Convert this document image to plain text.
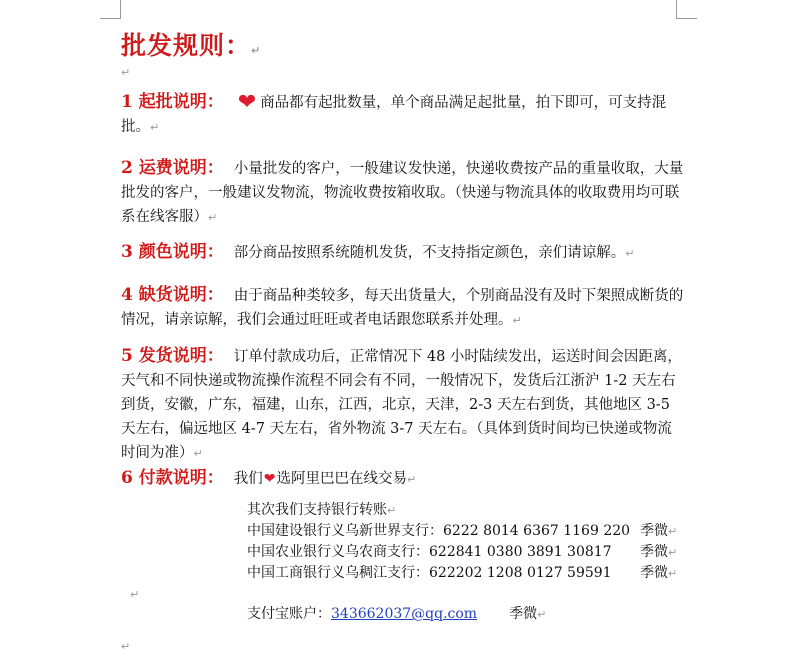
批发规则：↵
↵
1 起批说明： ❤ 商品都有起批数量，单个商品满足起批量，拍下即可，可支持混批。↵
2 运费说明： 小量批发的客户，一般建议发快递，快递收费按产品的重量收取，大量批发的客户，一般建议发物流，物流收费按箱收取。（快递与物流具体的收取费用均可联系在线客服）↵
3 颜色说明： 部分商品按照系统随机发货，不支持指定颜色，亲们请谅解。↵
4 缺货说明： 由于商品种类较多，每天出货量大，个别商品没有及时下架照成断货的情况，请亲谅解，我们会通过旺旺或者电话跟您联系并处理。↵
5 发货说明： 订单付款成功后，正常情况下 48 小时陆续发出，运送时间会因距离，天气和不同快递或物流操作流程不同会有不同，一般情况下，发货后江浙沪 1-2 天左右到货，安徽，广东，福建，山东，江西，北京，天津，2-3 天左右到货，其他地区 3-5 天左右，偏远地区 4-7 天左右，省外物流 3-7 天左右。（具体到货时间均已快递或物流时间为准）↵
6 付款说明： 我们❤选阿里巴巴在线交易↵
其次我们支持银行转账↵
中国建设银行义乌新世界支行：6222 8014 6367 1169 220 季微↵
中国农业银行义乌农商支行：622841 0380 3891 30817 季微↵
中国工商银行义乌稠江支行：622202 1208 0127 59591 季微↵
↵
支付宝账户：343662037@qq.com 季微↵
↵
